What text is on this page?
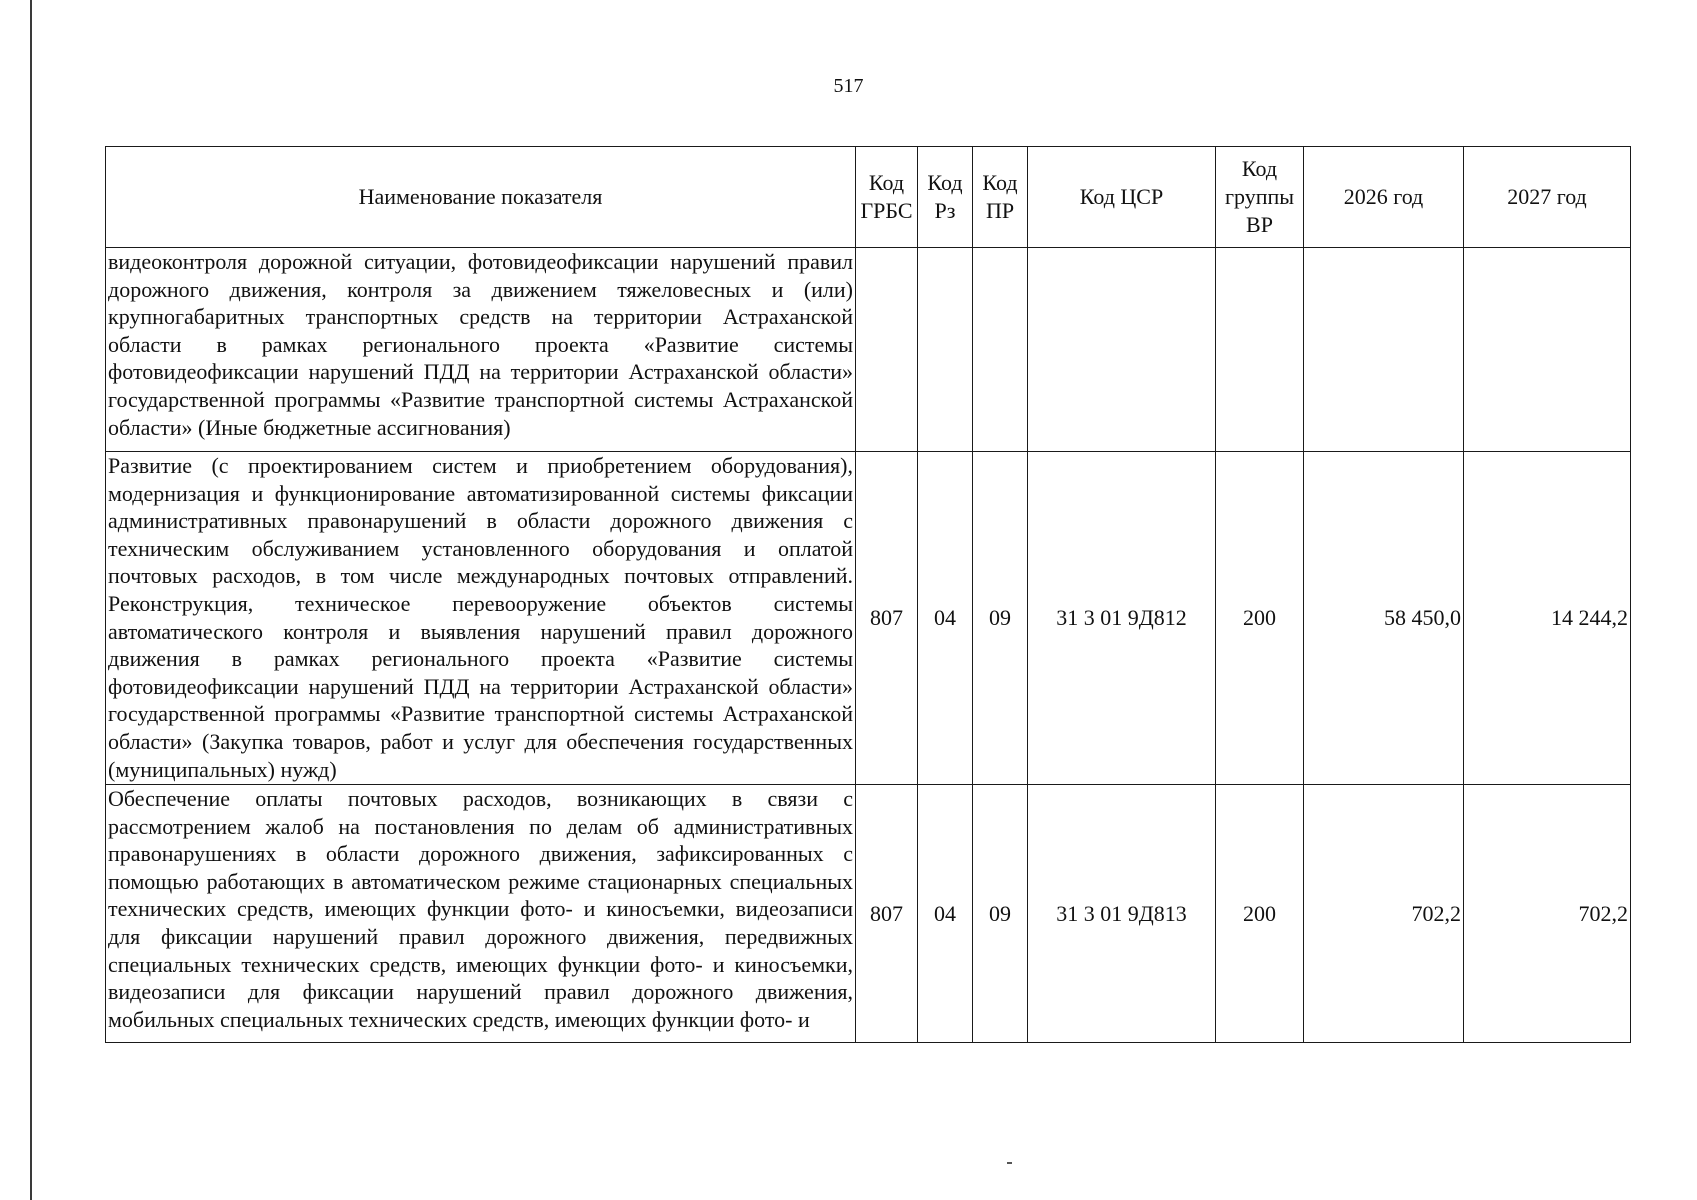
517
Наименование показателя	Код ГРБС	Код Рз	Код ПР	Код ЦСР	Код группы ВР	2026 год	2027 год
видеоконтроля дорожной ситуации, фотовидеофиксации нарушений правил дорожного движения, контроля за движением тяжеловесных и (или) крупногабаритных транспортных средств на территории Астраханской области в рамках регионального проекта «Развитие системы фотовидеофиксации нарушений ПДД на территории Астраханской области» государственной программы «Развитие транспортной системы Астраханской области» (Иные бюджетные ассигнования)							
Развитие (с проектированием систем и приобретением оборудования), модернизация и функционирование автоматизированной системы фиксации административных правонарушений в области дорожного движения с техническим обслуживанием установленного оборудования и оплатой почтовых расходов, в том числе международных почтовых отправлений. Реконструкция, техническое перевооружение объектов системы автоматического контроля и выявления нарушений правил дорожного движения в рамках регионального проекта «Развитие системы фотовидеофиксации нарушений ПДД на территории Астраханской области» государственной программы «Развитие транспортной системы Астраханской области» (Закупка товаров, работ и услуг для обеспечения государственных (муниципальных) нужд)	807	04	09	31 3 01 9Д812	200	58 450,0	14 244,2
Обеспечение оплаты почтовых расходов, возникающих в связи с рассмотрением жалоб на постановления по делам об административных правонарушениях в области дорожного движения, зафиксированных с помощью работающих в автоматическом режиме стационарных специальных технических средств, имеющих функции фото- и киносъемки, видеозаписи для фиксации нарушений правил дорожного движения, передвижных специальных технических средств, имеющих функции фото- и киносъемки, видеозаписи для фиксации нарушений правил дорожного движения, мобильных специальных технических средств, имеющих функции фото- и	807	04	09	31 3 01 9Д813	200	702,2	702,2
